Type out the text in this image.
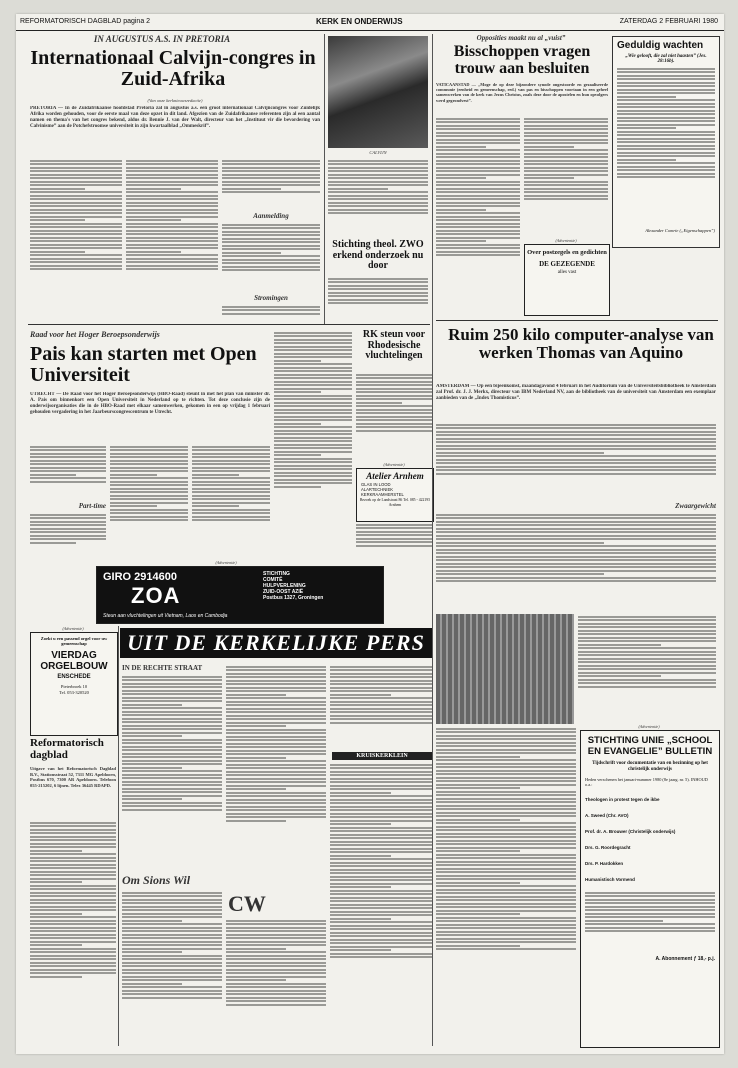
REFORMATORISCH DAGBLAD pagina 2	KERK EN ONDERWIJS	ZATERDAG 2 FEBRUARI 1980
IN AUGUSTUS A.S. IN PRETORIA
Internationaal Calvijn-congres in Zuid-Afrika
(Van onze kerknieuwsredactie)
PRETORIA — In de Zuidafrikaanse hoofdstad Pretoria zal in augustus a.s. een groot internationaal Calvijncongres voor Zuidelijk Afrika worden gehouden, voor de eerste maal van deze opzet in dit land. Afgezien van de Zuidafrikaanse referenten zijn al een aantal namen en thema's van het congres bekend, aldus dr. Bennie J. van der Walt, directeur van het „Instituut vir die bevordering van Calvinisme” aan de Potchefstroomse universiteit in zijn kwartaalblad „Ommeskrif”.
Aanmelding
Stromingen
CALVIJN
Stichting theol. ZWO erkend onderzoek nu door
Opposities maakt nu al „vuist”
Bisschoppen vragen trouw aan besluiten
VATICAANSTAD — „Moge de op deze bijzondere synode ongestoorde en gezaaliseerde communie (eenheid en gemeenschap, red.) van pas en bisschoppen voortaan in een geheel samenwerken van de kerk van Jezus Christus, zoals deze door de apostelen en hun opvolgers werd gegrondvest”.
(Advertentie)
Over postzegels en gedichten
DE GEZEGENDE
alles vast
Geduldig wachten
„Wie gelooft, die zal niet haasten” (Jes. 28:16b).
Alexander Comrie („Eigenschappen”)
Ruim 250 kilo computer-analyse van werken Thomas van Aquino
AMSTERDAM — Op een bijeenkomst, maandagavond 4 februari in het Auditorium van de Universiteitsbibliotheek te Amsterdam zal Prof. dr. J. J. Merkx, directeur van IBM Nederland NV, aan de bibliotheek van de universiteit van Amsterdam een exemplaar aanbieden van de „Index Thomisticus”.
Zwaargewicht
Raad voor het Hoger Beroepsonderwijs
Pais kan starten met Open Universiteit
UTRECHT — De Raad voor het Hoger Beroepsonderwijs (HBO-Raad) steunt in met het plan van minister dr. A. Pais om binnenkort een Open Universiteit in Nederland op te richten. Tot deze conclusie zijn de onderwijsorganisaties die in de HBO-Raad met elkaar samenwerken, gekomen in een op vrijdag 1 februari gehouden vergadering in het Jaarbeurscongrescentrum te Utrecht.
Part-time
RK steun voor Rhodesische vluchtelingen
(Advertentie)
Atelier Arnhem
GLAS IN LOOD
ALARTECHNIEK
KERKRAAMHERSTEL
Bezoek op de Landstraat 86 Tel. 085 - 422195 Arnhem
(Advertentie)
GIRO 2914600
ZOA
STICHTING
COMITÉ
HULPVERLENING
ZUID-OOST AZIË
Postbus 1327, Groningen
Steun aan vluchtelingen uit Vietnam, Laos en Cambodja
(Advertentie)
Zoekt u een passend orgel voor uw gemeenschap
VIERDAG ORGELBOUW
ENSCHEDE
Pieterbroek 10
Tel. 053-320520
Reformatorisch dagblad
Uitgave van het Reformatorisch Dagblad B.V., Stationsstraat 52, 7311 MG Apeldoorn, Postbus 670, 7300 AR Apeldoorn. Telefoon 055-215202, 6 lijnen. Telex 36445 RDAPD.
UIT DE KERKELIJKE PERS
IN DE RECHTE STRAAT
Om Sions Wil
CW
KRUISKERKLEIN
(Advertentie)
STICHTING UNIE „SCHOOL EN EVANGELIE” BULLETIN
Tijdschrift voor documentatie van en bezinning op het christelijk onderwijs
Heden verschenen het januari-nummer 1980 (8e jaarg. nr. 5). INHOUD o.a.:
Theologen in protest tegen de ikbe
A. Sweed (Chr. AVO)
Prof. dr. A. Brouwer (Christelijk onderwijs)
Drs. G. Roordegracht
Drs. P. Hardokken
Humanistisch Vormend
A. Abonnement ƒ 18,- p.j.
